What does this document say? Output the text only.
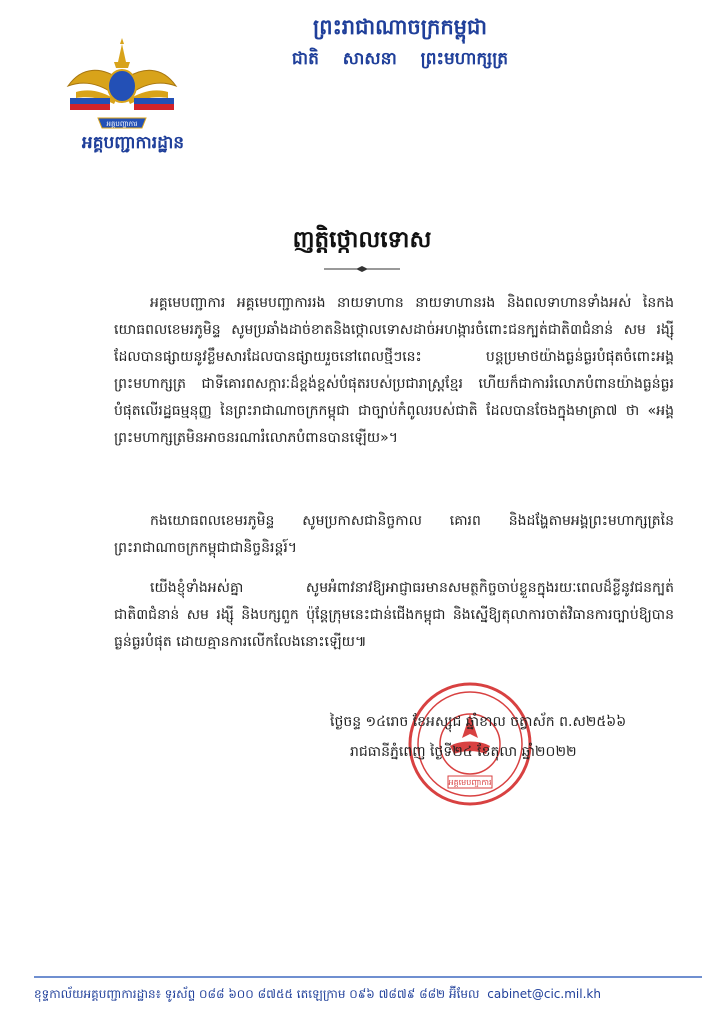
អគ្គបញ្ជាការ
អគ្គបញ្ជាការដ្ឋាន
ព្រះរាជាណាចក្រកម្ពុជា
ជាតិ សាសនា ព្រះមហាក្សត្រ
ញត្តិថ្កោលទោស
អគ្គមេបញ្ជាការ អគ្គមេបញ្ជាការរង នាយទាហាន នាយទាហានរង និងពលទាហានទាំងអស់ នៃកងយោធពលខេមរភូមិន្ទ សូមប្រឆាំងដាច់ខាតនិងថ្កោលទោសដាច់អហង្ការចំពោះជនក្បត់ជាតិ៣ជំនាន់ សម រង្ស៊ី ដែលបានផ្សាយនូវខ្លឹមសារដែលបានផ្សាយរួចនៅពេលថ្មីៗនេះ បន្តប្រមាថយ៉ាងធ្ងន់ធ្ងរបំផុតចំពោះអង្គព្រះមហាក្សត្រ ជាទីគោរពសក្ការៈដ៏ខ្ពង់ខ្ពស់បំផុតរបស់ប្រជារាស្ត្រខ្មែរ ហើយក៏ជាការរំលោភបំពានយ៉ាងធ្ងន់ធ្ងរបំផុតលើរដ្ឋធម្មនុញ្ញ នៃព្រះរាជាណាចក្រកម្ពុជា ជាច្បាប់កំពូលរបស់ជាតិ ដែលបានចែងក្នុងមាត្រា៧ ថា «អង្គព្រះមហាក្សត្រមិនអាចនរណារំលោភបំពានបានឡើយ»។
កងយោធពលខេមរភូមិន្ទ សូមប្រកាសជានិច្ចកាល គោរព និងដង្ហែតាមអង្គព្រះមហាក្សត្រនៃព្រះរាជាណាចក្រកម្ពុជាជានិច្ចនិរន្តរ៍។
យើងខ្ញុំទាំងអស់គ្នា សូមអំពាវនាវឱ្យអាជ្ញាធរមានសមត្ថកិច្ចចាប់ខ្លួនក្នុងរយៈពេលដ៏ខ្លីនូវជនក្បត់ជាតិ៣ជំនាន់ សម រង្ស៊ី និងបក្សពួក ប៉ុន្តែក្រុមនេះជាន់ជើងកម្ពុជា និងស្នើឱ្យតុលាការចាត់វិធានការច្បាប់ឱ្យបានធ្ងន់ធ្ងរបំផុត ដោយគ្មានការលើកលែងនោះឡើយ៕
អគ្គមេបញ្ជាការ
ថ្ងៃចន្ទ ១៤រោច ខែអស្សុជ ឆ្នាំខាល ចត្វាស័ក ព.ស២៥៦៦
រាជធានីភ្នំពេញ ថ្ងៃទី២៤ ខែតុលា ឆ្នាំ២០២២
ខុទ្ទកាល័យអគ្គបញ្ជាការដ្ឋាន៖ ទូរស័ព្ទ ០៨៨ ៦០០ ៨៧៥៥ តេឡេក្រាម ០៩៦ ៧៨៧៩ ៨៨២ អ៊ីមែល cabinet@cic.mil.kh
